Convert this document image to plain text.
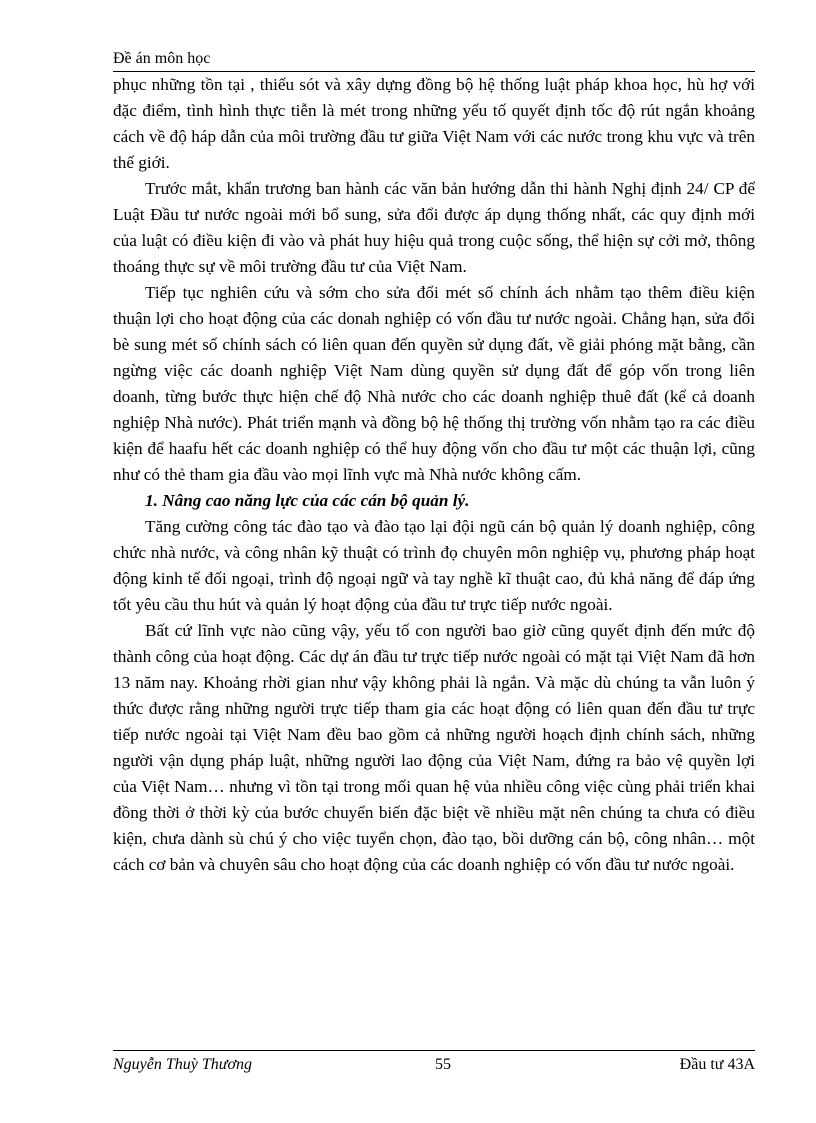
Đề án môn học

phục những tồn tại , thiếu sót và xây dựng đồng bộ hệ thống luật pháp khoa học, hù hợ với đặc điểm, tình hình thực tiễn là mét trong những yếu tố quyết định tốc độ rút ngắn khoảng cách về độ háp dẫn của môi trường đầu tư giữa Việt Nam với các nước trong khu vực và trên thế giới.

Trước mắt, khẩn trương ban hành các văn bản hướng dẫn thi hành Nghị định 24/ CP để Luật Đầu tư nước ngoài mới bổ sung, sửa đổi được áp dụng thống nhất, các quy định mới của luật có điều kiện đi vào và phát huy hiệu quả trong cuộc sống, thể hiện sự cởi mở, thông thoáng thực sự về môi trường đầu tư của Việt Nam.

Tiếp tục nghiên cứu và sớm cho sửa đổi mét số chính ách nhằm tạo thêm điều kiện thuận lợi cho hoạt động của các donah nghiệp có vốn đầu tư nước ngoài. Chẳng hạn, sửa đổi bè sung mét số chính sách có liên quan đến quyền sử dụng đất, về giải phóng mặt bằng, cần ngừng việc các doanh nghiệp Việt Nam dùng quyền sử dụng đất để góp vốn trong liên doanh, từng bước thực hiện chế độ Nhà nước cho các doanh nghiệp thuê đất (kể cả doanh nghiệp Nhà nước). Phát triển mạnh và đồng bộ hệ thống thị trường vốn nhằm tạo ra các điều kiện để haafu hết các doanh nghiệp có thể huy động vốn cho đầu tư một các thuận lợi, cũng như có thẻ tham gia đầu vào mọi lĩnh vực mà Nhà nước không cấm.

1. Nâng cao năng lực của các cán bộ quản lý.

Tăng cường công tác đào tạo và đào tạo lại đội ngũ cán bộ quản lý doanh nghiệp, công chức nhà nước, và công nhân kỹ thuật có trình đọ chuyên môn nghiệp vụ, phương pháp hoạt động kinh tế đối ngoại, trình độ ngoại ngữ và tay nghề kĩ thuật cao, đủ khả năng để đáp ứng tốt yêu cầu thu hút và quản lý hoạt động của đầu tư trực tiếp nước ngoài.

Bất cứ lĩnh vực nào cũng vậy, yếu tố con người bao giờ cũng quyết định đến mức độ thành công của hoạt động. Các dự án đầu tư trực tiếp nước ngoài có mặt tại Việt Nam đã hơn 13 năm nay. Khoảng rhời gian như vậy không phải là ngắn. Và mặc dù chúng ta vẫn luôn ý thức được rằng những người trực tiếp tham gia các hoạt động có liên quan đến đầu tư trực tiếp nước ngoài tại Việt Nam đều bao gồm cả những người hoạch định chính sách, những người vận dụng pháp luật, những người lao động của Việt Nam, đứng ra bảo vệ quyền lợi của Việt Nam… nhưng vì tồn tại trong mối quan hệ vủa nhiều công việc cùng phải triển khai đồng thời ở thời kỳ của bước chuyển biến đặc biệt về nhiều mặt nên chúng ta chưa có điều kiện, chưa dành sù chú ý cho việc tuyển chọn, đào tạo, bồi dưỡng cán bộ, công nhân… một cách cơ bản và chuyên sâu cho hoạt động của các doanh nghiệp có vốn đầu tư nước ngoài.

Nguyễn Thuỳ Thương	55	Đầu tư 43A
